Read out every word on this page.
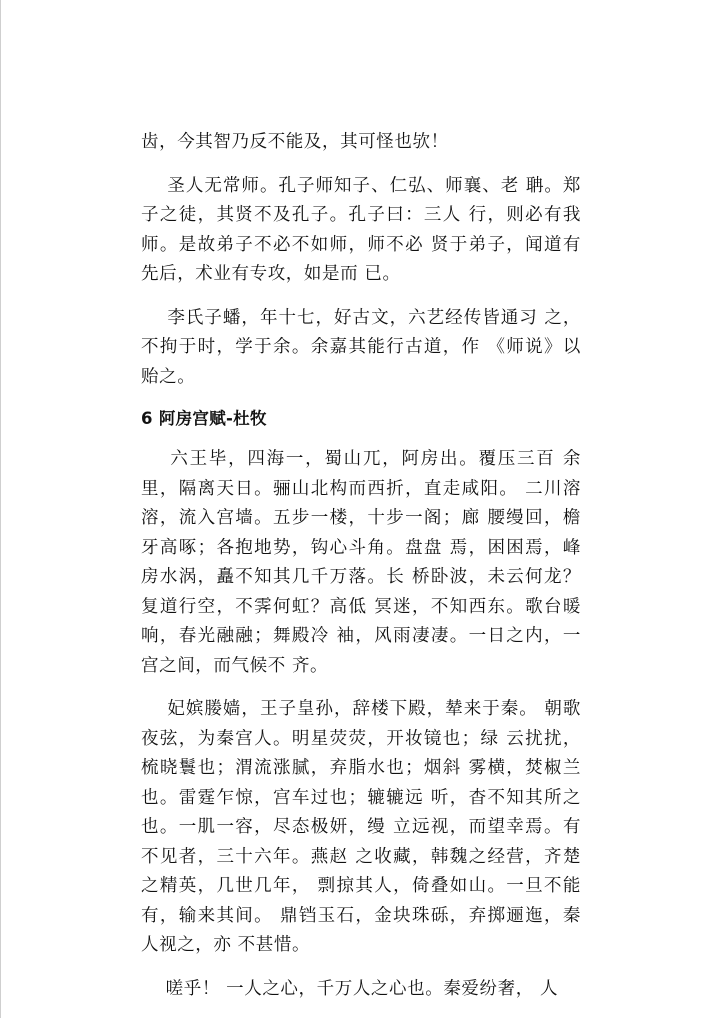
齿，今其智乃反不能及，其可怪也欤！

圣人无常师。孔子师知子、仁弘、师襄、老 聃。郑子之徒，其贤不及孔子。孔子曰：三人 行，则必有我师。是故弟子不必不如师，师不必 贤于弟子，闻道有先后，术业有专攻，如是而 已。

李氏子蟠，年十七，好古文，六艺经传皆通习 之，不拘于时，学于余。余嘉其能行古道，作 《师说》以贻之。

6 阿房宫赋-杜牧

六王毕，四海一，蜀山兀，阿房出。覆压三百 余里，隔离天日。骊山北构而西折，直走咸阳。 二川溶溶，流入宫墙。五步一楼，十步一阁；廊 腰缦回，檐牙高啄；各抱地势，钩心斗角。盘盘 焉，困困焉，峰房水涡，矗不知其几千万落。长 桥卧波，未云何龙？复道行空，不霁何虹？高低 冥迷，不知西东。歌台暖响，春光融融；舞殿冷 袖，风雨凄凄。一日之内，一宫之间，而气候不 齐。

妃嫔媵嫱，王子皇孙，辞楼下殿，辇来于秦。 朝歌夜弦，为秦宫人。明星荧荧，开妆镜也；绿 云扰扰，梳晓鬟也；渭流涨腻，弃脂水也；烟斜 雾横，焚椒兰也。雷霆乍惊，宫车过也；辘辘远 听，杳不知其所之也。一肌一容，尽态极妍，缦 立远视，而望幸焉。有不见者，三十六年。燕赵 之收藏，韩魏之经营，齐楚之精英，几世几年， 剽掠其人，倚叠如山。一旦不能有，输来其间。 鼎铛玉石，金块珠砾，弃掷逦迤，秦人视之，亦 不甚惜。

嗟乎！ 一人之心，千万人之心也。秦爱纷奢， 人
